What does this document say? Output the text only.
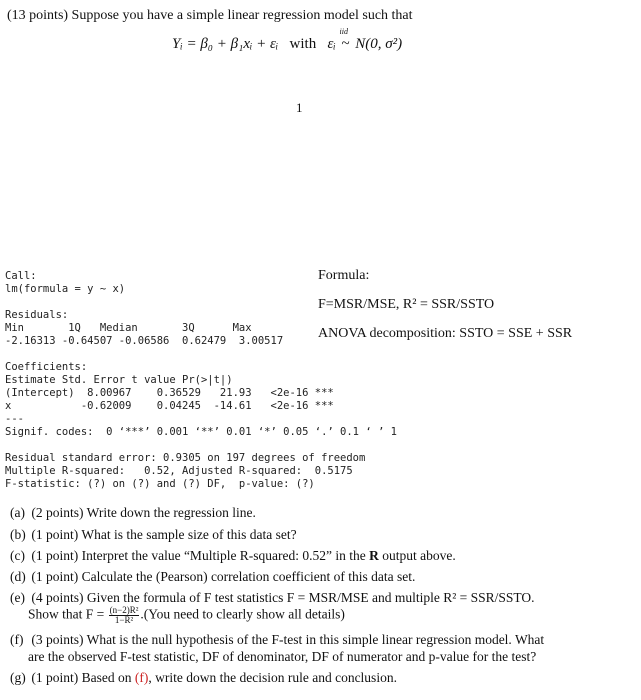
(13 points) Suppose you have a simple linear regression model such that
Yᵢ = β₀ + β₁xᵢ + εᵢ with εᵢ
iid
~ N(0, σ²)
1
Call:
lm(formula = y ~ x)

Residuals:
Min       1Q   Median       3Q      Max
-2.16313 -0.64507 -0.06586  0.62479  3.00517

Coefficients:
Estimate Std. Error t value Pr(>|t|)
(Intercept)  8.00967    0.36529   21.93   <2e-16 ***
x           -0.62009    0.04245  -14.61   <2e-16 ***
---
Signif. codes:  0 ‘***’ 0.001 ‘**’ 0.01 ‘*’ 0.05 ‘.’ 0.1 ‘ ’ 1

Residual standard error: 0.9305 on 197 degrees of freedom
Multiple R-squared:   0.52, Adjusted R-squared:  0.5175
F-statistic: (?) on (?) and (?) DF,  p-value: (?)
Formula:
F=MSR/MSE, R² = SSR/SSTO
ANOVA decomposition: SSTO = SSE + SSR
(a) (2 points) Write down the regression line.
(b) (1 point) What is the sample size of this data set?
(c) (1 point) Interpret the value “Multiple R-squared: 0.52” in the R output above.
(d) (1 point) Calculate the (Pearson) correlation coefficient of this data set.
(e) (4 points) Given the formula of F test statistics F = MSR/MSE and multiple R² = SSR/SSTO.
Show that $F = \frac{\text{(n−2)R²}}{\text{1−R²}} .(You$ need to clearly show all details)
(f) (3 points) What is the null hypothesis of the F-test in this simple linear regression model. What
are the observed F-test statistic, DF of denominator, DF of numerator and p-value for the test?
(g) (1 point) Based on (f), write down the decision rule and conclusion.
